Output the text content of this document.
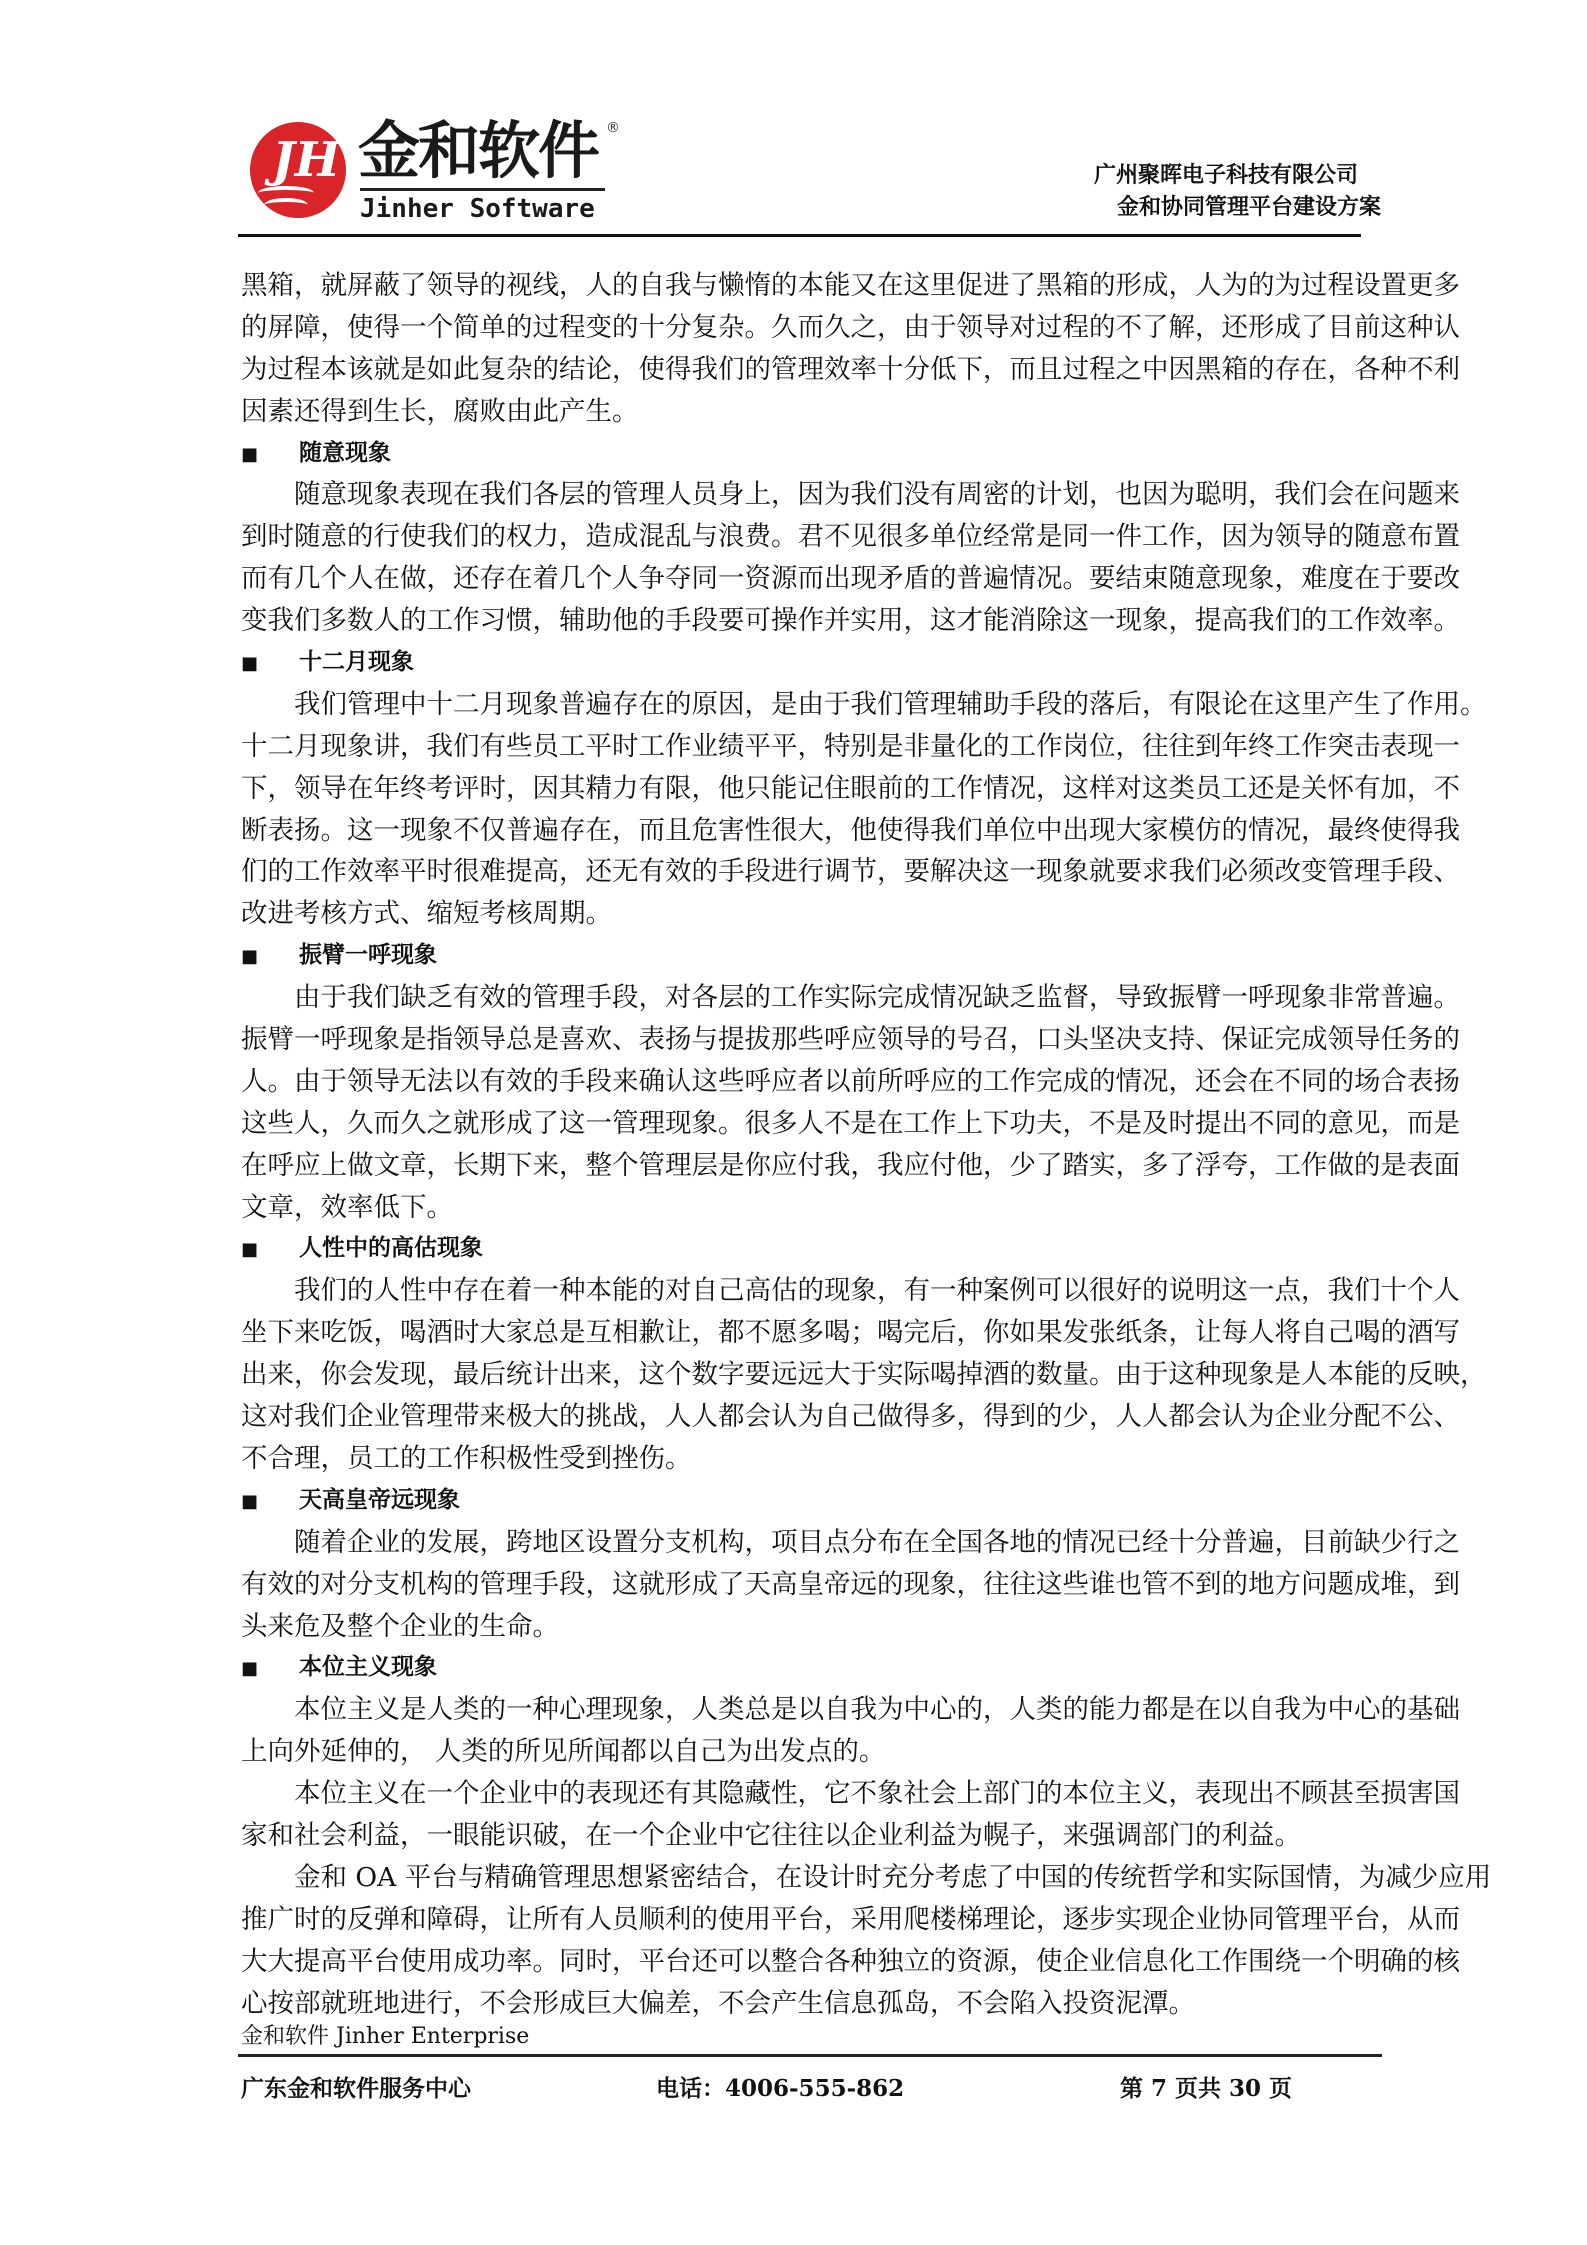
JH 金和软件 ®
Jinher Software
广州聚晖电子科技有限公司
金和协同管理平台建设方案
黑箱，就屏蔽了领导的视线，人的自我与懒惰的本能又在这里促进了黑箱的形成，人为的为过程设置更多
的屏障，使得一个简单的过程变的十分复杂。久而久之，由于领导对过程的不了解，还形成了目前这种认
为过程本该就是如此复杂的结论，使得我们的管理效率十分低下，而且过程之中因黑箱的存在，各种不利
因素还得到生长，腐败由此产生。
■ 随意现象
随意现象表现在我们各层的管理人员身上，因为我们没有周密的计划，也因为聪明，我们会在问题来
到时随意的行使我们的权力，造成混乱与浪费。君不见很多单位经常是同一件工作，因为领导的随意布置
而有几个人在做，还存在着几个人争夺同一资源而出现矛盾的普遍情况。要结束随意现象，难度在于要改
变我们多数人的工作习惯，辅助他的手段要可操作并实用，这才能消除这一现象，提高我们的工作效率。
■ 十二月现象
我们管理中十二月现象普遍存在的原因，是由于我们管理辅助手段的落后，有限论在这里产生了作用。
十二月现象讲，我们有些员工平时工作业绩平平，特别是非量化的工作岗位，往往到年终工作突击表现一
下，领导在年终考评时，因其精力有限，他只能记住眼前的工作情况，这样对这类员工还是关怀有加，不
断表扬。这一现象不仅普遍存在，而且危害性很大，他使得我们单位中出现大家模仿的情况，最终使得我
们的工作效率平时很难提高，还无有效的手段进行调节，要解决这一现象就要求我们必须改变管理手段、
改进考核方式、缩短考核周期。
■ 振臂一呼现象
由于我们缺乏有效的管理手段，对各层的工作实际完成情况缺乏监督，导致振臂一呼现象非常普遍。
振臂一呼现象是指领导总是喜欢、表扬与提拔那些呼应领导的号召，口头坚决支持、保证完成领导任务的
人。由于领导无法以有效的手段来确认这些呼应者以前所呼应的工作完成的情况，还会在不同的场合表扬
这些人，久而久之就形成了这一管理现象。很多人不是在工作上下功夫，不是及时提出不同的意见，而是
在呼应上做文章，长期下来，整个管理层是你应付我，我应付他，少了踏实，多了浮夸，工作做的是表面
文章，效率低下。
■ 人性中的高估现象
我们的人性中存在着一种本能的对自己高估的现象，有一种案例可以很好的说明这一点，我们十个人
坐下来吃饭，喝酒时大家总是互相歉让，都不愿多喝；喝完后，你如果发张纸条，让每人将自己喝的酒写
出来，你会发现，最后统计出来，这个数字要远远大于实际喝掉酒的数量。由于这种现象是人本能的反映，
这对我们企业管理带来极大的挑战，人人都会认为自己做得多，得到的少，人人都会认为企业分配不公、
不合理，员工的工作积极性受到挫伤。
■ 天高皇帝远现象
随着企业的发展，跨地区设置分支机构，项目点分布在全国各地的情况已经十分普遍，目前缺少行之
有效的对分支机构的管理手段，这就形成了天高皇帝远的现象，往往这些谁也管不到的地方问题成堆，到
头来危及整个企业的生命。
■ 本位主义现象
本位主义是人类的一种心理现象，人类总是以自我为中心的，人类的能力都是在以自我为中心的基础
上向外延伸的， 人类的所见所闻都以自己为出发点的。
本位主义在一个企业中的表现还有其隐藏性，它不象社会上部门的本位主义，表现出不顾甚至损害国
家和社会利益，一眼能识破，在一个企业中它往往以企业利益为幌子，来强调部门的利益。
金和 OA 平台与精确管理思想紧密结合，在设计时充分考虑了中国的传统哲学和实际国情，为减少应用
推广时的反弹和障碍，让所有人员顺利的使用平台，采用爬楼梯理论，逐步实现企业协同管理平台，从而
大大提高平台使用成功率。同时，平台还可以整合各种独立的资源，使企业信息化工作围绕一个明确的核
心按部就班地进行，不会形成巨大偏差，不会产生信息孤岛，不会陷入投资泥潭。
金和软件 Jinher Enterprise
广东金和软件服务中心	电话：4006-555-862	第 7 页共 30 页
